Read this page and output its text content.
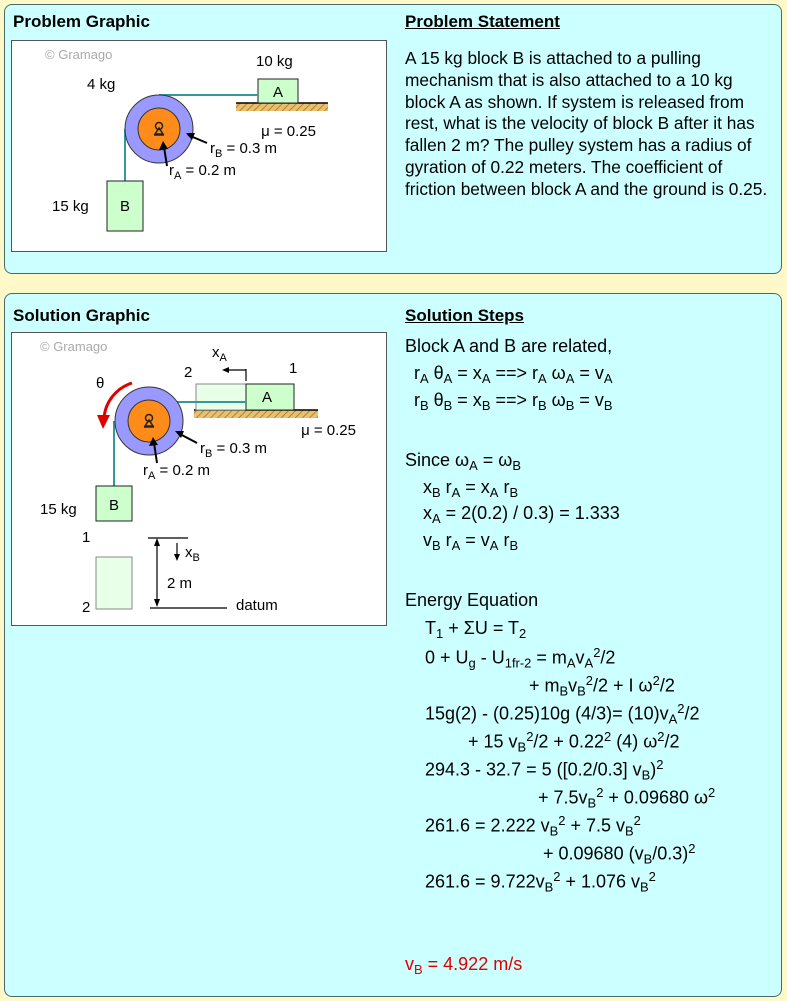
Problem Graphic	Problem Statement
© Gramago
4 kg
10 kg
A
μ = 0.25
$r_B = 0.3$ m
$r_A = 0.2$ m
15 kg B
A 15 kg block B is attached to a pulling mechanism that is also attached to a 10 kg block A as shown. If system is released from rest, what is the velocity of block B after it has fallen 2 m? The pulley system has a radius of gyration of 0.22 meters. The coefficient of friction between block A and the ground is 0.25.
Solution Graphic	Solution Steps
© Gramago	$x_A$
2	1
θ
A
μ = 0.25
$r_B = 0.3$ m
$r_A = 0.2$ m
15 kg B
1
2
$x_B$
2 m
datum
Block A and B are related,
$r_A$ $\theta_A = x_A$ ==> $r_A$ $\omega_A = v_A$
$r_B$ $\theta_B = x_B$ ==> $r_B$ $\omega_B = v_B$
Since $\omega_A = \omega_B$
$x_B$ $r_A = x_A$ $r_B$
$x_A = 2(0.2) / 0.3) = 1.333$
$v_B$ $r_A = v_A$ $r_B$
Energy Equation
$T_1 + \Sigma U = T_2$
$0 + U_g - U_{1fr-2} = m_Av_A^2/2$
+ $m_Bv_B^2/2 + I$ $\omega^2/2$
15g(2) - (0.25)10g $(4/3)= (10)v_A^2/2$
+ 15 $v_B^2/2 + 0.22^2$ (4) $\omega^2/2$
294.3 - 32.7 = 5 ([0.2/0.3] $v_B)^2$
+ $7.5v_B^2 + 0.09680$ $\omega^2$
261.6 = 2.222 $v_B^2 + 7.5$ $v_B^2$
+ 0.09680 $(v_B/0.3)^2$
$261.6 = 9.722v_B^2 + 1.076$ $v_B^2$
$v_B = 4.922$ m/s
